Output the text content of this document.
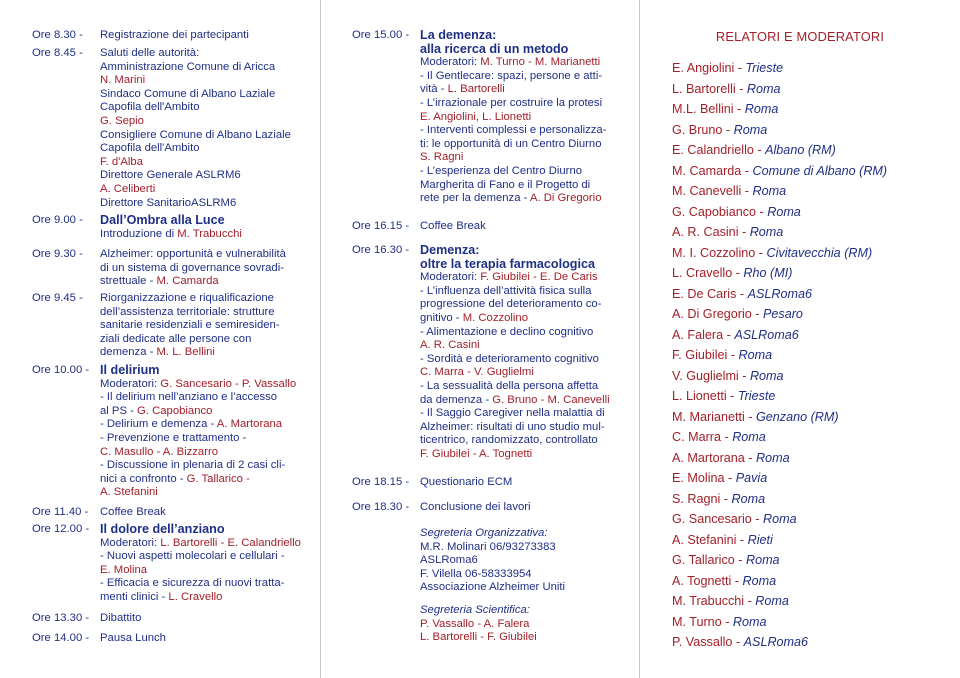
Ore 8.30 - Registrazione dei partecipanti
Ore 8.45 - Saluti delle autorità:
Amministrazione Comune di Aricca
N. Marini
Sindaco Comune di Albano Laziale
Capofila dell'Ambito
G. Sepio
Consigliere Comune di Albano Laziale
Capofila dell'Ambito
F. d'Alba
Direttore Generale ASLRM6
A. Celiberti
Direttore SanitarioASLRM6
Ore 9.00 - Dall’Ombra alla Luce
Introduzione di M. Trabucchi
Ore 9.30 - Alzheimer: opportunità e vulnerabilità
di un sistema di governance sovradi-
strettuale - M. Camarda
Ore 9.45 - Riorganizzazione e riqualificazione
dell’assistenza territoriale: strutture
sanitarie residenziali e semiresiden-
ziali dedicate alle persone con
demenza - M. L. Bellini
Ore 10.00 - Il delirium
Moderatori: G. Sancesario - P. Vassallo
- Il delirium nell’anziano e l’accesso
al PS - G. Capobianco
- Delirium e demenza - A. Martorana
- Prevenzione e trattamento -
C. Masullo - A. Bizzarro
- Discussione in plenaria di 2 casi cli-
nici a confronto - G. Tallarico -
A. Stefanini
Ore 11.40 - Coffee Break
Ore 12.00 - Il dolore dell’anziano
Moderatori: L. Bartorelli - E. Calandriello
- Nuovi aspetti molecolari e cellulari -
E. Molina
- Efficacia e sicurezza di nuovi tratta-
menti clinici - L. Cravello
Ore 13.30 - Dibattito
Ore 14.00 - Pausa Lunch
Ore 15.00 - La demenza:
alla ricerca di un metodo
Moderatori: M. Turno - M. Marianetti
- Il Gentlecare: spazi, persone e atti-
vità - L. Bartorelli
- L’irrazionale per costruire la protesi
E. Angiolini, L. Lionetti
- Interventi complessi e personalizza-
ti: le opportunità di un Centro Diurno
S. Ragni
- L’esperienza del Centro Diurno
Margherita di Fano e il Progetto di
rete per la demenza - A. Di Gregorio
Ore 16.15 - Coffee Break
Ore 16.30 - Demenza:
oltre la terapia farmacologica
Moderatori: F. Giubilei - E. De Caris
- L’influenza dell’attività fisica sulla
progressione del deterioramento co-
gnitivo - M. Cozzolino
- Alimentazione e declino cognitivo
A. R. Casini
- Sordità e deterioramento cognitivo
C. Marra - V. Guglielmi
- La sessualità della persona affetta
da demenza - G. Bruno - M. Canevelli
- Il Saggio Caregiver nella malattia di
Alzheimer: risultati di uno studio mul-
ticentrico, randomizzato, controllato
F. Giubilei - A. Tognetti
Ore 18.15 - Questionario ECM
Ore 18.30 - Conclusione dei lavori
Segreteria Organizzativa:
M.R. Molinari 06/93273383
ASLRoma6
F. Vilella 06-58333954
Associazione Alzheimer Uniti
Segreteria Scientifica:
P. Vassallo - A. Falera
L. Bartorelli - F. Giubilei
RELATORI E MODERATORI
E. Angiolini - Trieste
L. Bartorelli - Roma
M.L. Bellini - Roma
G. Bruno - Roma
E. Calandriello - Albano (RM)
M. Camarda - Comune di Albano (RM)
M. Canevelli - Roma
G. Capobianco - Roma
A. R. Casini - Roma
M. I. Cozzolino - Civitavecchia (RM)
L. Cravello - Rho (MI)
E. De Caris - ASLRoma6
A. Di Gregorio - Pesaro
A. Falera - ASLRoma6
F. Giubilei - Roma
V. Guglielmi - Roma
L. Lionetti - Trieste
M. Marianetti - Genzano (RM)
C. Marra - Roma
A. Martorana - Roma
E. Molina - Pavia
S. Ragni - Roma
G. Sancesario - Roma
A. Stefanini - Rieti
G. Tallarico - Roma
A. Tognetti - Roma
M. Trabucchi - Roma
M. Turno - Roma
P. Vassallo - ASLRoma6
